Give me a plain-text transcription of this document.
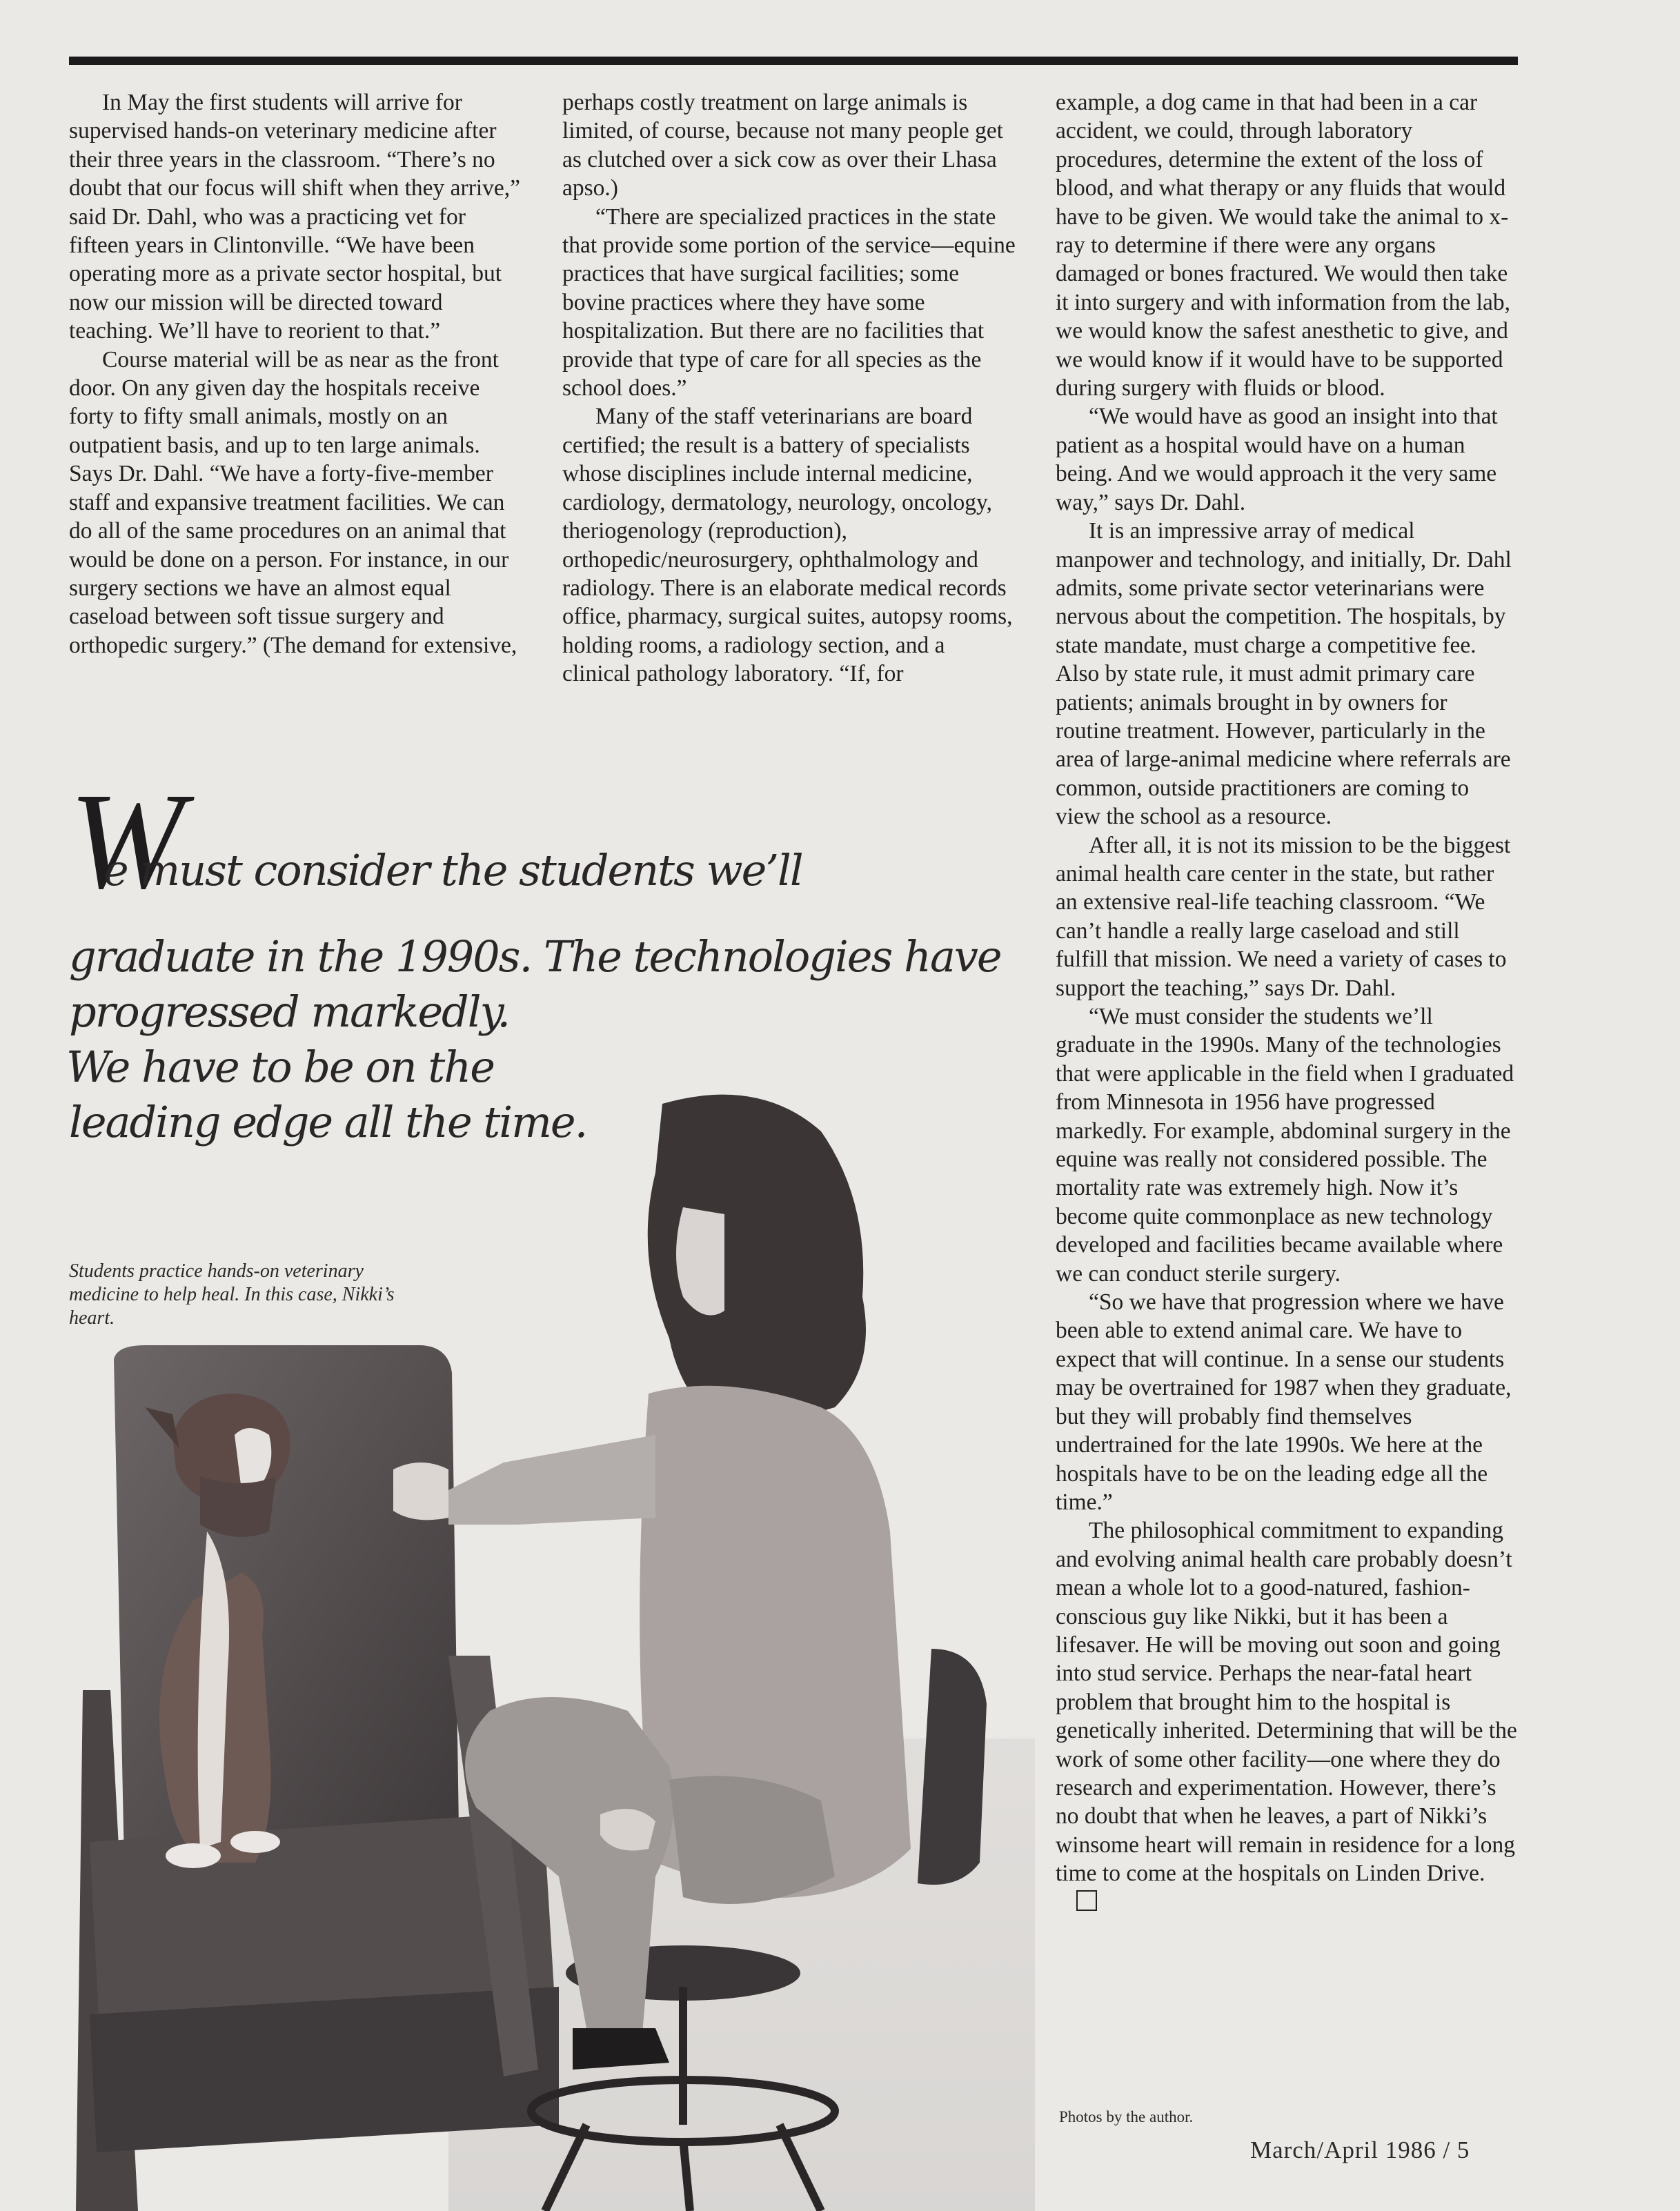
In May the first students will arrive for supervised hands-on veterinary medicine after their three years in the classroom. “There’s no doubt that our focus will shift when they arrive,” said Dr. Dahl, who was a practicing vet for fifteen years in Clintonville. “We have been operating more as a private sector hospital, but now our mission will be directed toward teaching. We’ll have to reorient to that.”

Course material will be as near as the front door. On any given day the hospitals receive forty to fifty small animals, mostly on an outpatient basis, and up to ten large animals. Says Dr. Dahl. “We have a forty-five-member staff and expansive treatment facilities. We can do all of the same procedures on an animal that would be done on a person. For instance, in our surgery sections we have an almost equal caseload between soft tissue surgery and orthopedic surgery.” (The demand for extensive,

perhaps costly treatment on large animals is limited, of course, because not many people get as clutched over a sick cow as over their Lhasa apso.)

“There are specialized practices in the state that provide some portion of the service—equine practices that have surgical facilities; some bovine practices where they have some hospitalization. But there are no facilities that provide that type of care for all species as the school does.”

Many of the staff veterinarians are board certified; the result is a battery of specialists whose disciplines include internal medicine, cardiology, dermatology, neurology, oncology, theriogenology (reproduction), orthopedic/neurosurgery, ophthalmology and radiology. There is an elaborate medical records office, pharmacy, surgical suites, autopsy rooms, holding rooms, a radiology section, and a clinical pathology laboratory. “If, for

example, a dog came in that had been in a car accident, we could, through laboratory procedures, determine the extent of the loss of blood, and what therapy or any fluids that would have to be given. We would take the animal to x-ray to determine if there were any organs damaged or bones fractured. We would then take it into surgery and with information from the lab, we would know the safest anesthetic to give, and we would know if it would have to be supported during surgery with fluids or blood.

“We would have as good an insight into that patient as a hospital would have on a human being. And we would approach it the very same way,” says Dr. Dahl.

It is an impressive array of medical manpower and technology, and initially, Dr. Dahl admits, some private sector veterinarians were nervous about the competition. The hospitals, by state mandate, must charge a competitive fee. Also by state rule, it must admit primary care patients; animals brought in by owners for routine treatment. However, particularly in the area of large-animal medicine where referrals are common, outside practitioners are coming to view the school as a resource.

After all, it is not its mission to be the biggest animal health care center in the state, but rather an extensive real-life teaching classroom. “We can’t handle a really large caseload and still fulfill that mission. We need a variety of cases to support the teaching,” says Dr. Dahl.

“We must consider the students we’ll graduate in the 1990s. Many of the technologies that were applicable in the field when I graduated from Minnesota in 1956 have progressed markedly. For example, abdominal surgery in the equine was really not considered possible. The mortality rate was extremely high. Now it’s become quite commonplace as new technology developed and facilities became available where we can conduct sterile surgery.

“So we have that progression where we have been able to extend animal care. We have to expect that will continue. In a sense our students may be overtrained for 1987 when they graduate, but they will probably find themselves undertrained for the late 1990s. We here at the hospitals have to be on the leading edge all the time.”

The philosophical commitment to expanding and evolving animal health care probably doesn’t mean a whole lot to a good-natured, fashion-conscious guy like Nikki, but it has been a lifesaver. He will be moving out soon and going into stud service. Perhaps the near-fatal heart problem that brought him to the hospital is genetically inherited. Determining that will be the work of some other facility—one where they do research and experimentation. However, there’s no doubt that when he leaves, a part of Nikki’s winsome heart will remain in residence for a long time to come at the hospitals on Linden Drive.

W
e must consider the students we’ll
graduate in the 1990s. The technologies have
progressed markedly.
We have to be on the
leading edge all the time.
Students practice hands-on veterinary medicine to help heal. In this case, Nikki’s heart.
Photos by the author.
March/April 1986 / 5
